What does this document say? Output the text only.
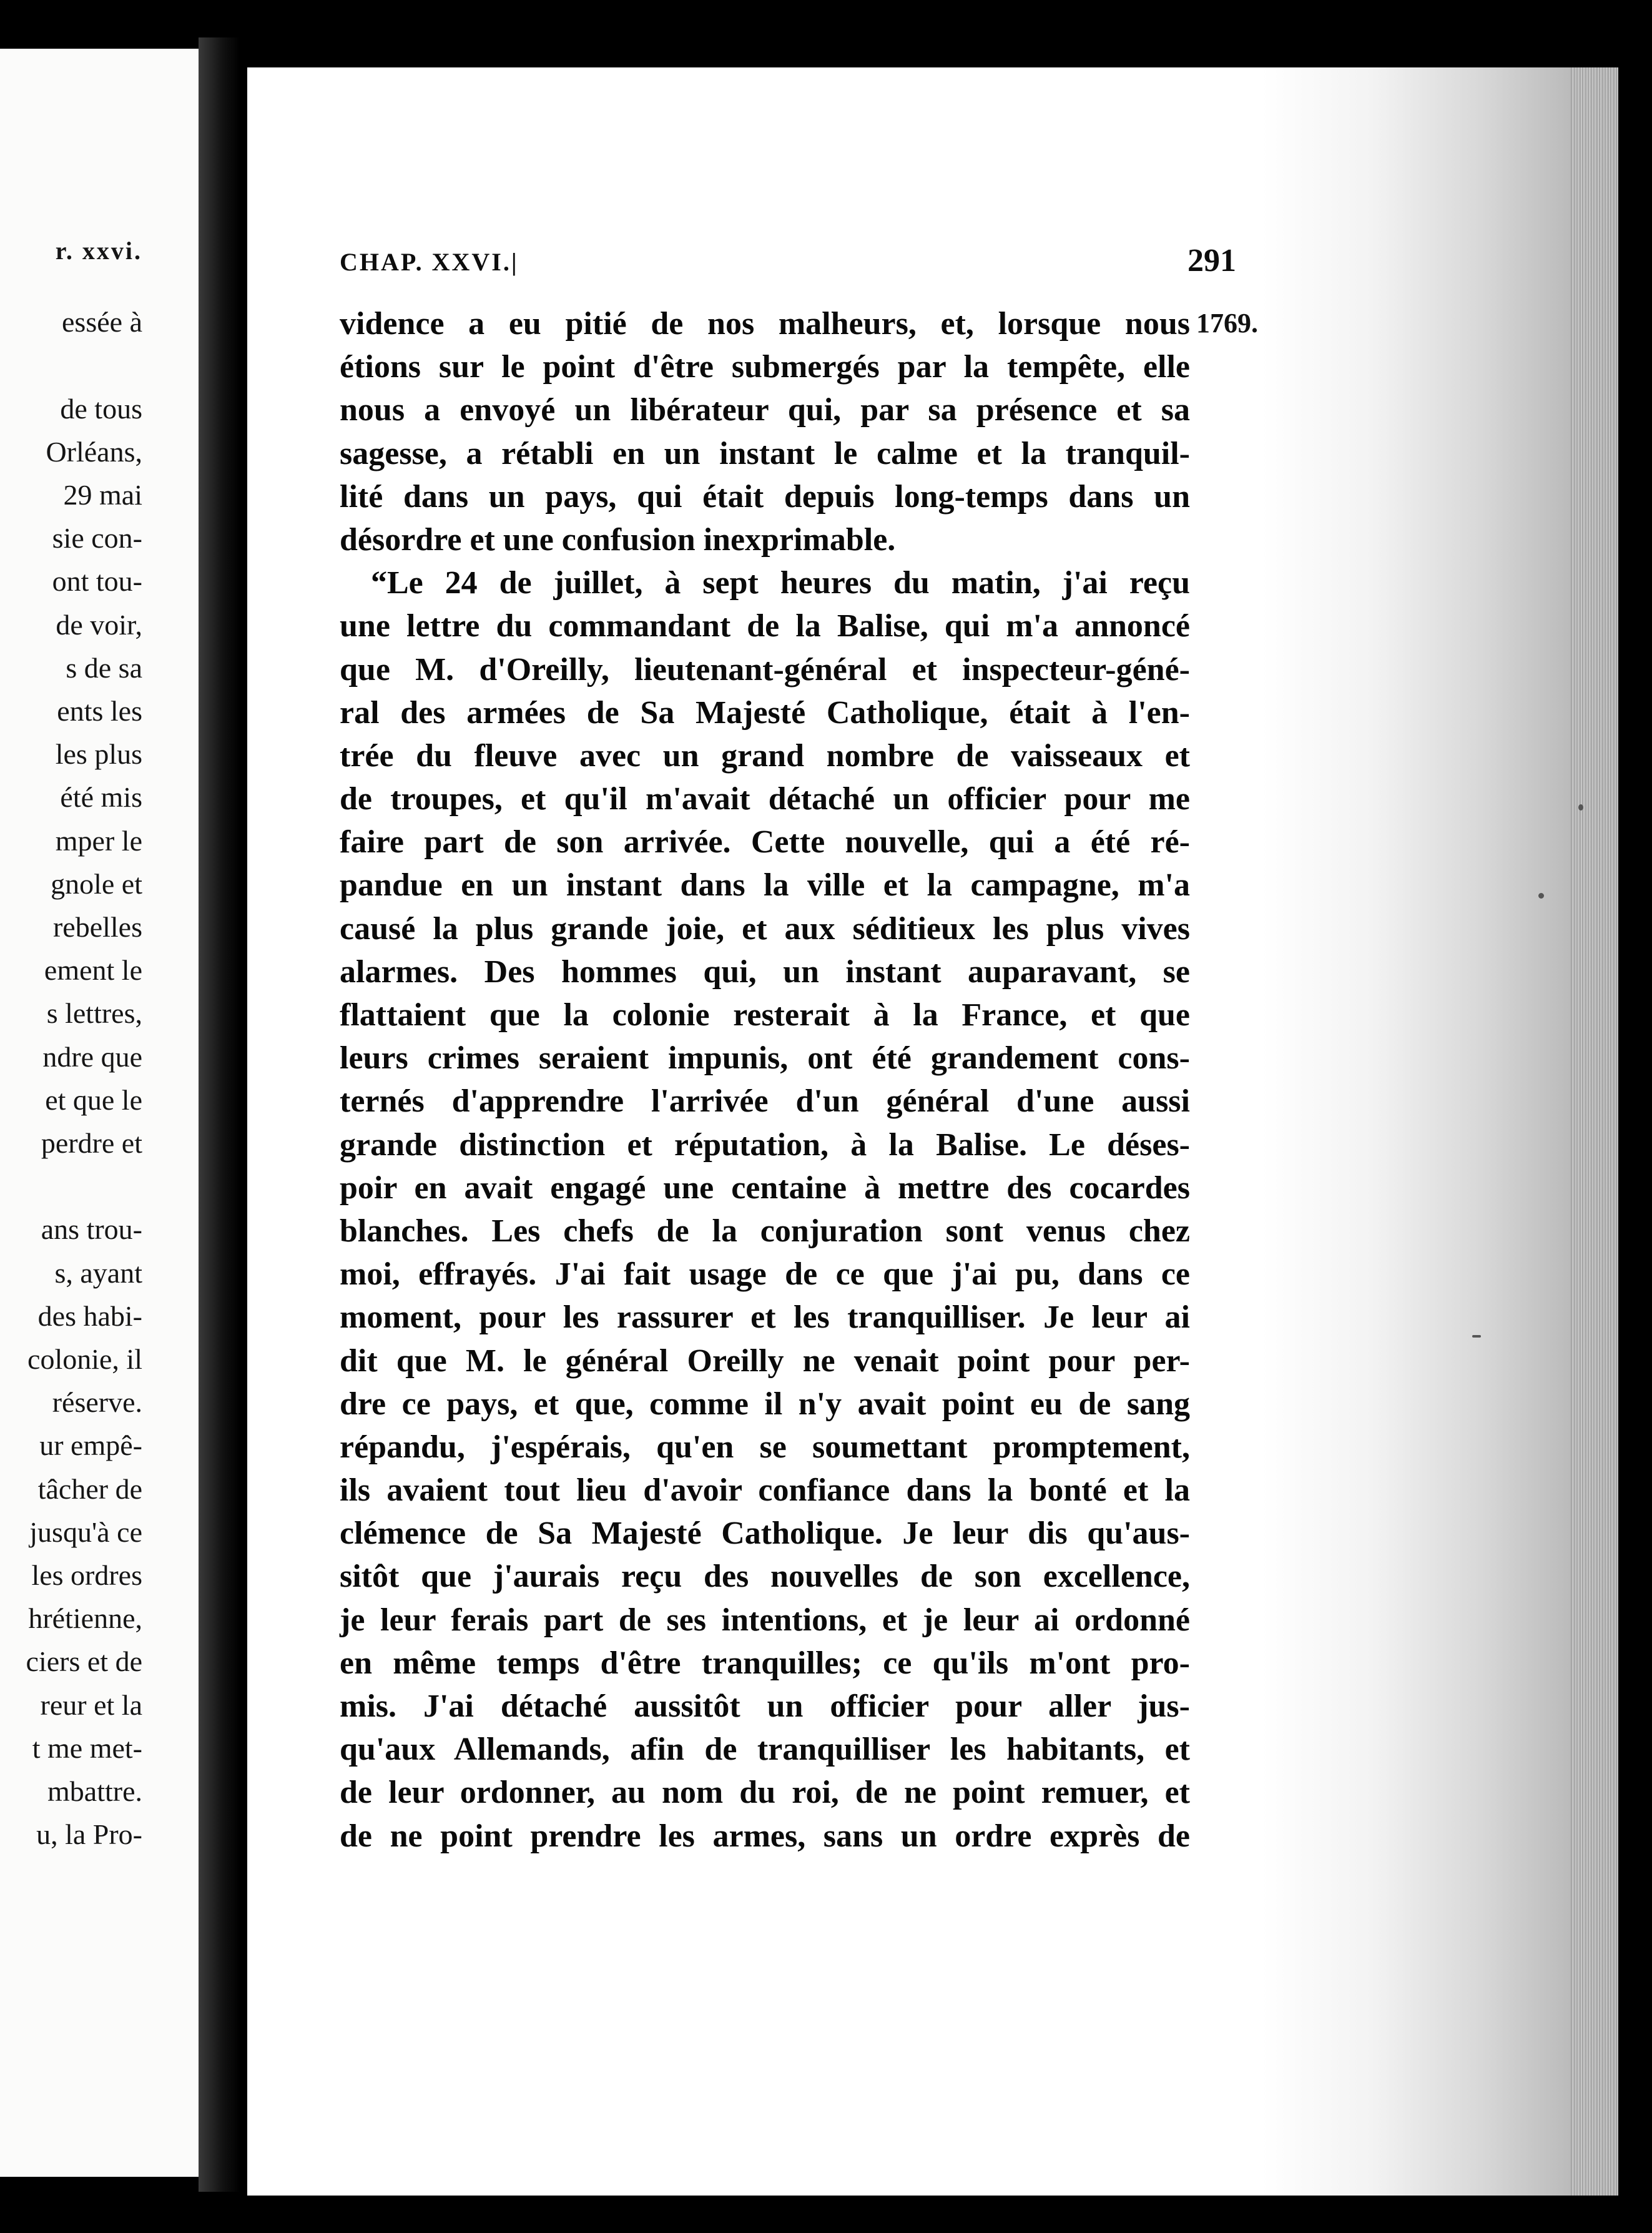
r. xxvi.
essée à
de tous
Orléans,
29 mai
sie con-
ont tou-
de voir,
s de sa
ents les
les plus
été mis
mper le
gnole et
rebelles
ement le
s lettres,
ndre que
et que le
perdre et
ans trou-
s, ayant
des habi-
colonie, il
réserve.
ur empê-
tâcher de
jusqu'à ce
les ordres
hrétienne,
ciers et de
reur et la
t me met-
mbattre.
u, la Pro-
CHAP. XXVI.|	291
1769.
vidence a eu pitié de nos malheurs, et, lorsque nous
étions sur le point d'être submergés par la tempête, elle
nous a envoyé un libérateur qui, par sa présence et sa
sagesse, a rétabli en un instant le calme et la tranquil-
lité dans un pays, qui était depuis long-temps dans un
désordre et une confusion inexprimable.
“Le 24 de juillet, à sept heures du matin, j'ai reçu
une lettre du commandant de la Balise, qui m'a annoncé
que M. d'Oreilly, lieutenant-général et inspecteur-géné-
ral des armées de Sa Majesté Catholique, était à l'en-
trée du fleuve avec un grand nombre de vaisseaux et
de troupes, et qu'il m'avait détaché un officier pour me
faire part de son arrivée. Cette nouvelle, qui a été ré-
pandue en un instant dans la ville et la campagne, m'a
causé la plus grande joie, et aux séditieux les plus vives
alarmes. Des hommes qui, un instant auparavant, se
flattaient que la colonie resterait à la France, et que
leurs crimes seraient impunis, ont été grandement cons-
ternés d'apprendre l'arrivée d'un général d'une aussi
grande distinction et réputation, à la Balise. Le déses-
poir en avait engagé une centaine à mettre des cocardes
blanches. Les chefs de la conjuration sont venus chez
moi, effrayés. J'ai fait usage de ce que j'ai pu, dans ce
moment, pour les rassurer et les tranquilliser. Je leur ai
dit que M. le général Oreilly ne venait point pour per-
dre ce pays, et que, comme il n'y avait point eu de sang
répandu, j'espérais, qu'en se soumettant promptement,
ils avaient tout lieu d'avoir confiance dans la bonté et la
clémence de Sa Majesté Catholique. Je leur dis qu'aus-
sitôt que j'aurais reçu des nouvelles de son excellence,
je leur ferais part de ses intentions, et je leur ai ordonné
en même temps d'être tranquilles; ce qu'ils m'ont pro-
mis. J'ai détaché aussitôt un officier pour aller jus-
qu'aux Allemands, afin de tranquilliser les habitants, et
de leur ordonner, au nom du roi, de ne point remuer, et
de ne point prendre les armes, sans un ordre exprès de
